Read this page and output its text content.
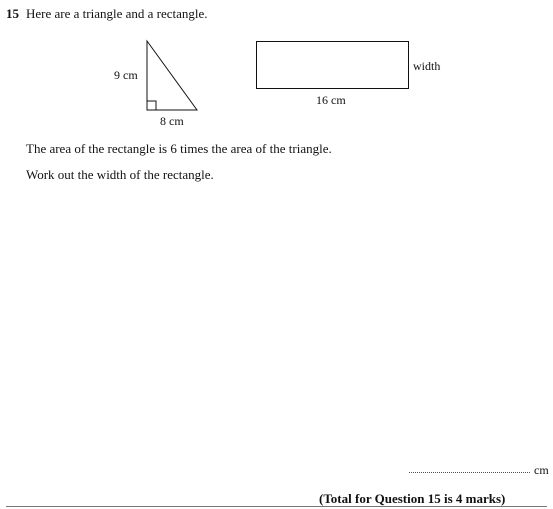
15 Here are a triangle and a rectangle.
9 cm
8 cm
width
16 cm
The area of the rectangle is 6 times the area of the triangle.
Work out the width of the rectangle.
cm
(Total for Question 15 is 4 marks)
